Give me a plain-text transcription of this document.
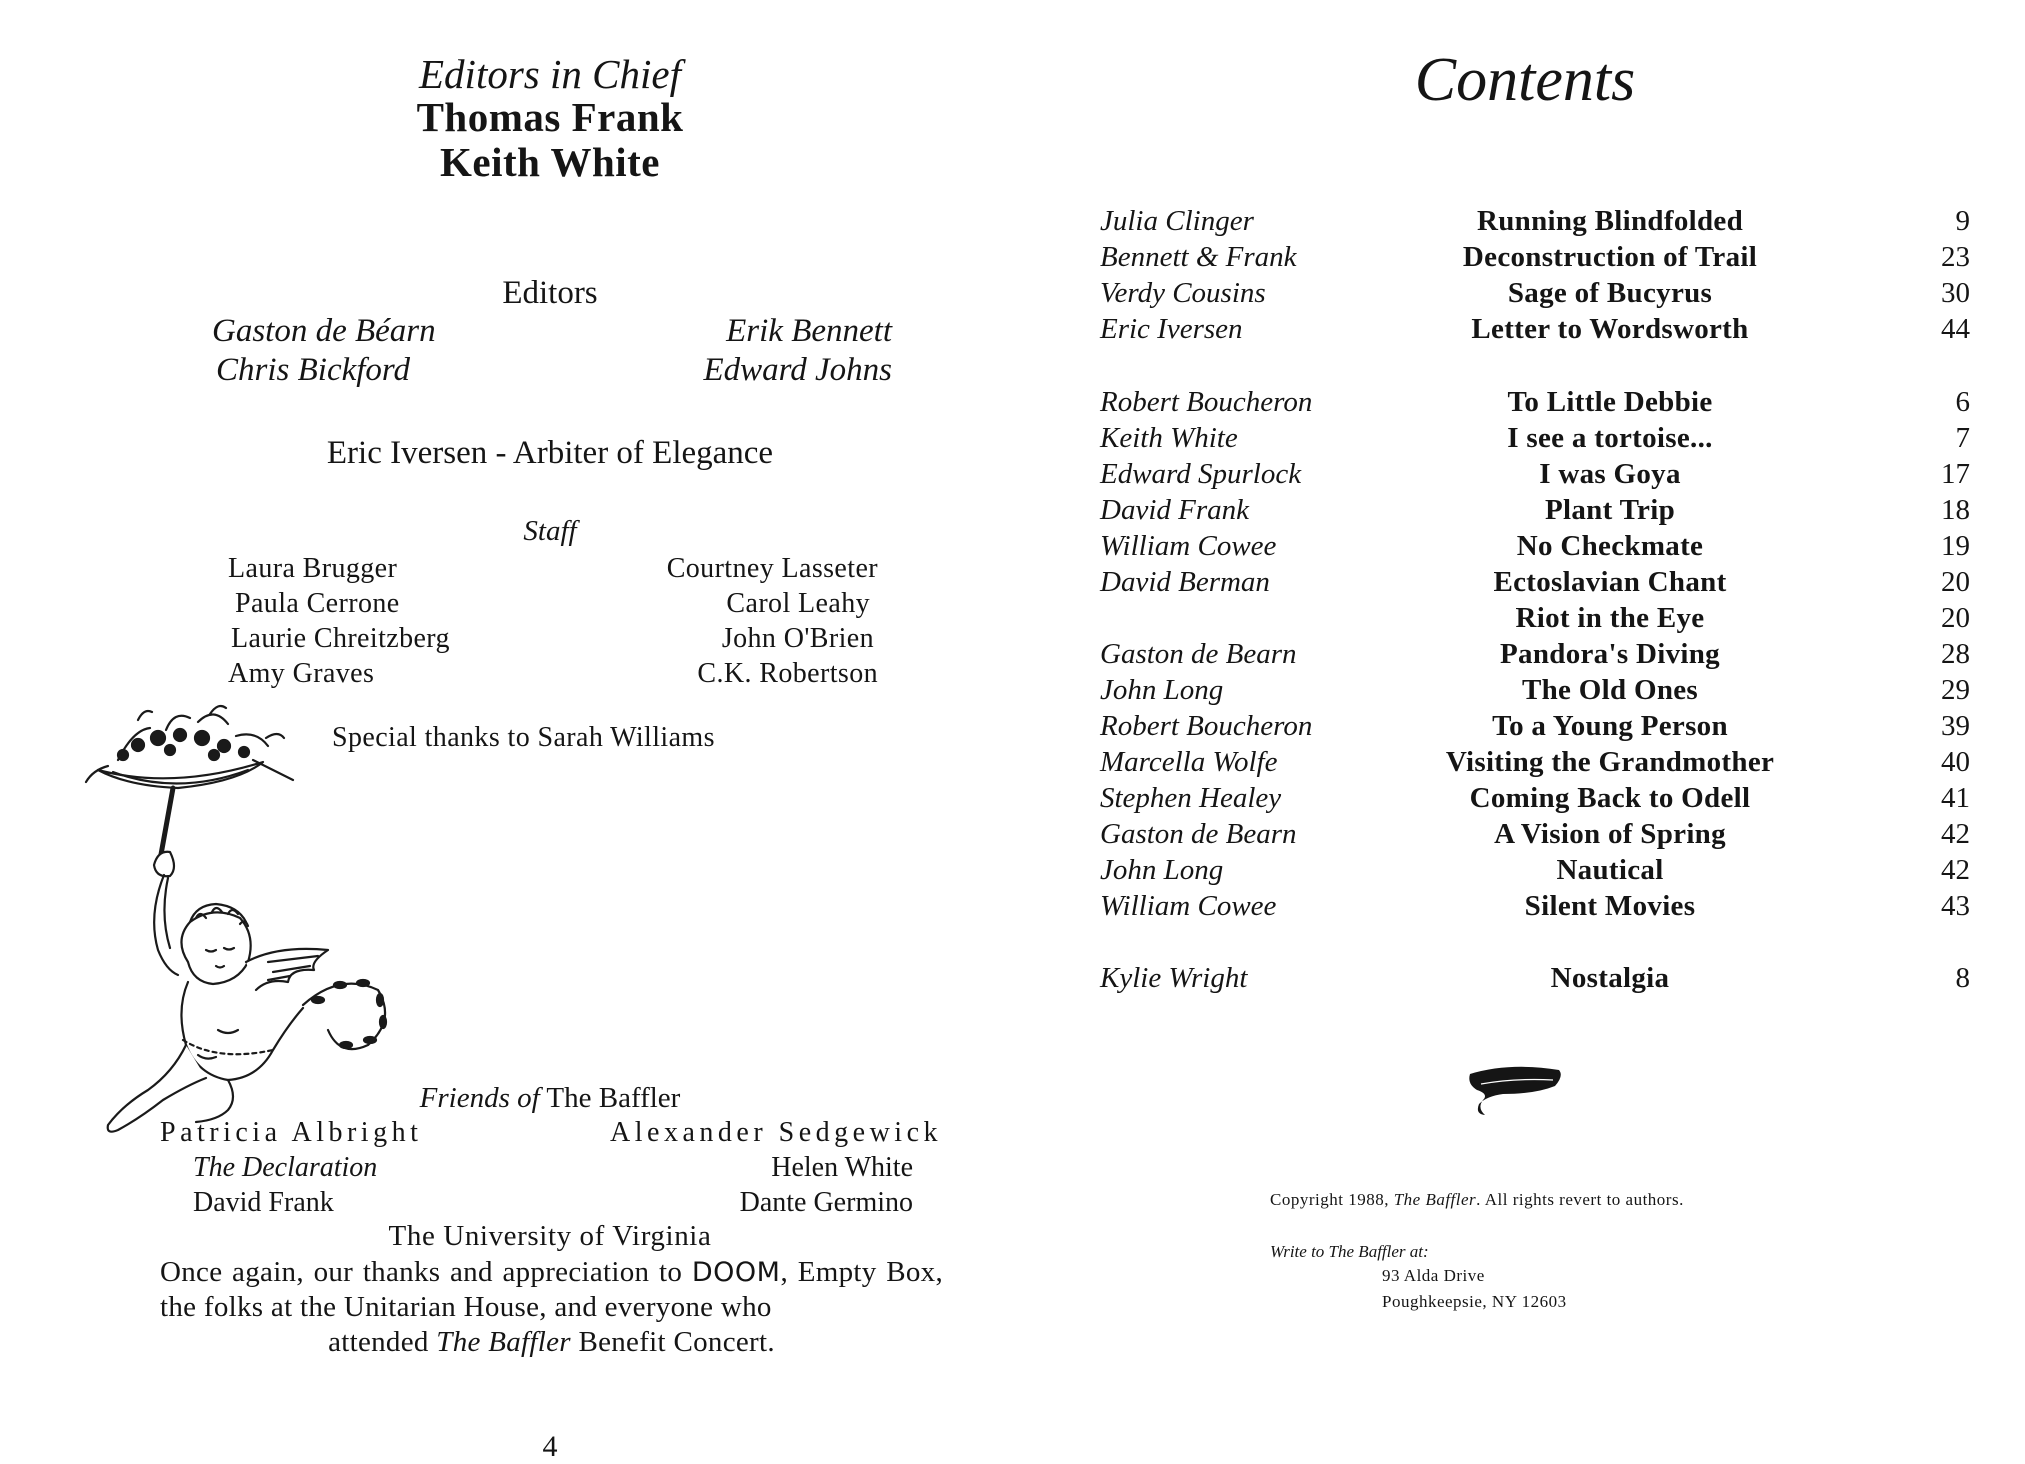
Editors in Chief
Thomas Frank
Keith White
Editors
Gaston de Béarn
Chris Bickford
Erik Bennett
Edward Johns
Eric Iversen - Arbiter of Elegance
Staff
Laura Brugger
Paula Cerrone
Laurie Chreitzberg
Amy Graves
Courtney Lasseter
Carol Leahy
John O'Brien
C.K. Robertson
Special thanks to Sarah Williams
Friends of The Baffler
Patricia Albright
The Declaration
David Frank
Alexander Sedgewick
Helen White
Dante Germino
The University of Virginia
Once again, our thanks and appreciation to DOOM, Empty Box, the folks at the Unitarian House, and everyone who
attended The Baffler Benefit Concert.
4
Contents
Julia Clinger	Running Blindfolded	9
Bennett & Frank	Deconstruction of Trail	23
Verdy Cousins	Sage of Bucyrus	30
Eric Iversen	Letter to Wordsworth	44
Robert Boucheron	To Little Debbie	6
Keith White	I see a tortoise...	7
Edward Spurlock	I was Goya	17
David Frank	Plant Trip	18
William Cowee	No Checkmate	19
David Berman	Ectoslavian Chant	20
Riot in the Eye	20
Gaston de Bearn	Pandora's Diving	28
John Long	The Old Ones	29
Robert Boucheron	To a Young Person	39
Marcella Wolfe	Visiting the Grandmother	40
Stephen Healey	Coming Back to Odell	41
Gaston de Bearn	A Vision of Spring	42
John Long	Nautical	42
William Cowee	Silent Movies	43
Kylie Wright	Nostalgia	8
Copyright 1988, The Baffler. All rights revert to authors.
Write to The Baffler at:
93 Alda Drive
Poughkeepsie, NY 12603
